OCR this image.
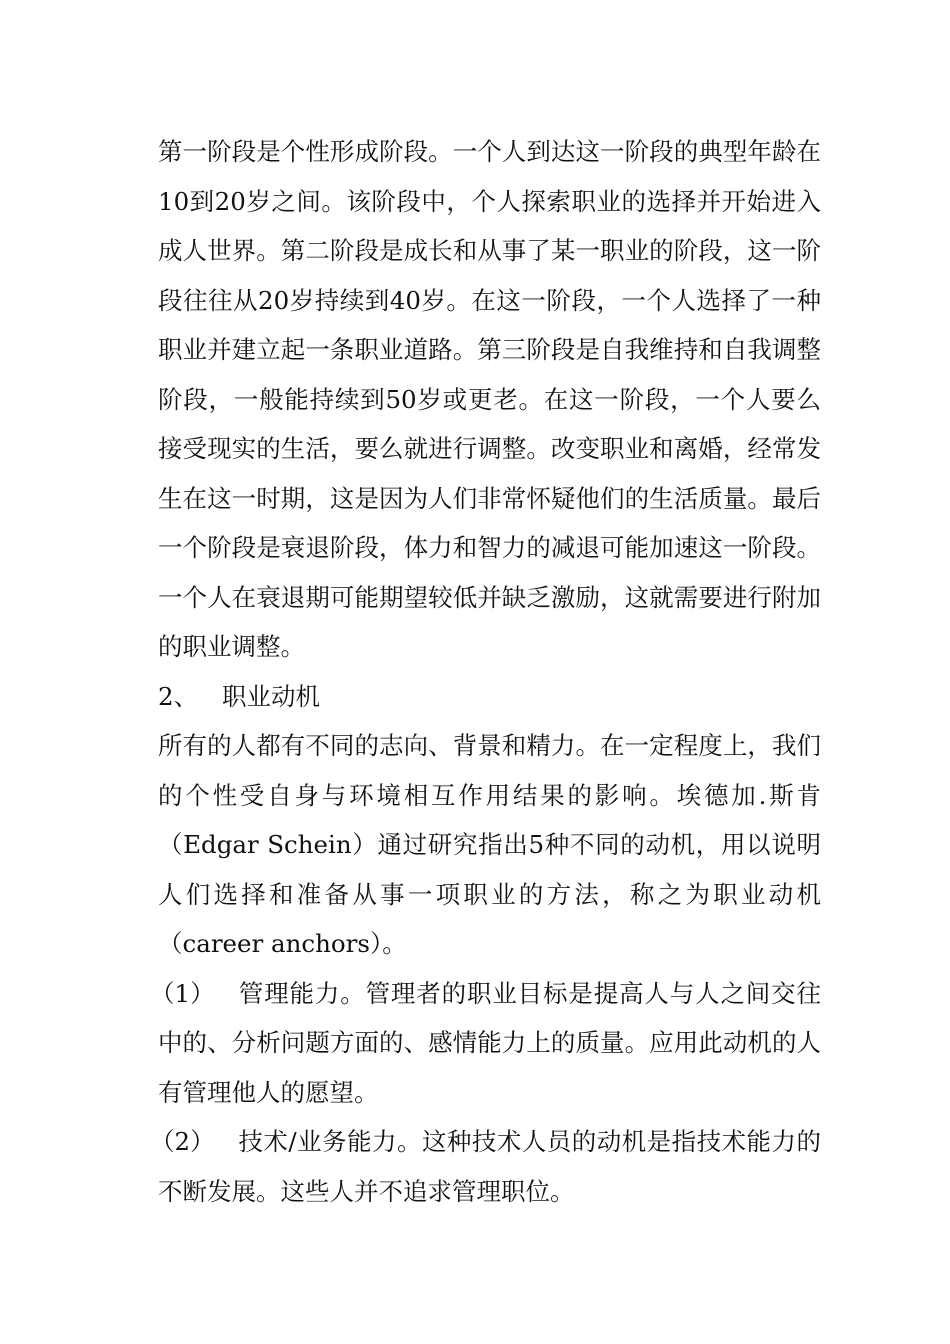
第一阶段是个性形成阶段。一个人到达这一阶段的典型年龄在10到20岁之间。该阶段中，个人探索职业的选择并开始进入成人世界。第二阶段是成长和从事了某一职业的阶段，这一阶段往往从20岁持续到40岁。在这一阶段，一个人选择了一种职业并建立起一条职业道路。第三阶段是自我维持和自我调整阶段，一般能持续到50岁或更老。在这一阶段，一个人要么接受现实的生活，要么就进行调整。改变职业和离婚，经常发生在这一时期，这是因为人们非常怀疑他们的生活质量。最后一个阶段是衰退阶段，体力和智力的减退可能加速这一阶段。一个人在衰退期可能期望较低并缺乏激励，这就需要进行附加的职业调整。

2、 职业动机

所有的人都有不同的志向、背景和精力。在一定程度上，我们的个性受自身与环境相互作用结果的影响。埃德加.斯肯（Edgar Schein）通过研究指出5种不同的动机，用以说明人们选择和准备从事一项职业的方法，称之为职业动机（career anchors）。

（1） 管理能力。管理者的职业目标是提高人与人之间交往中的、分析问题方面的、感情能力上的质量。应用此动机的人有管理他人的愿望。

（2） 技术/业务能力。这种技术人员的动机是指技术能力的不断发展。这些人并不追求管理职位。
